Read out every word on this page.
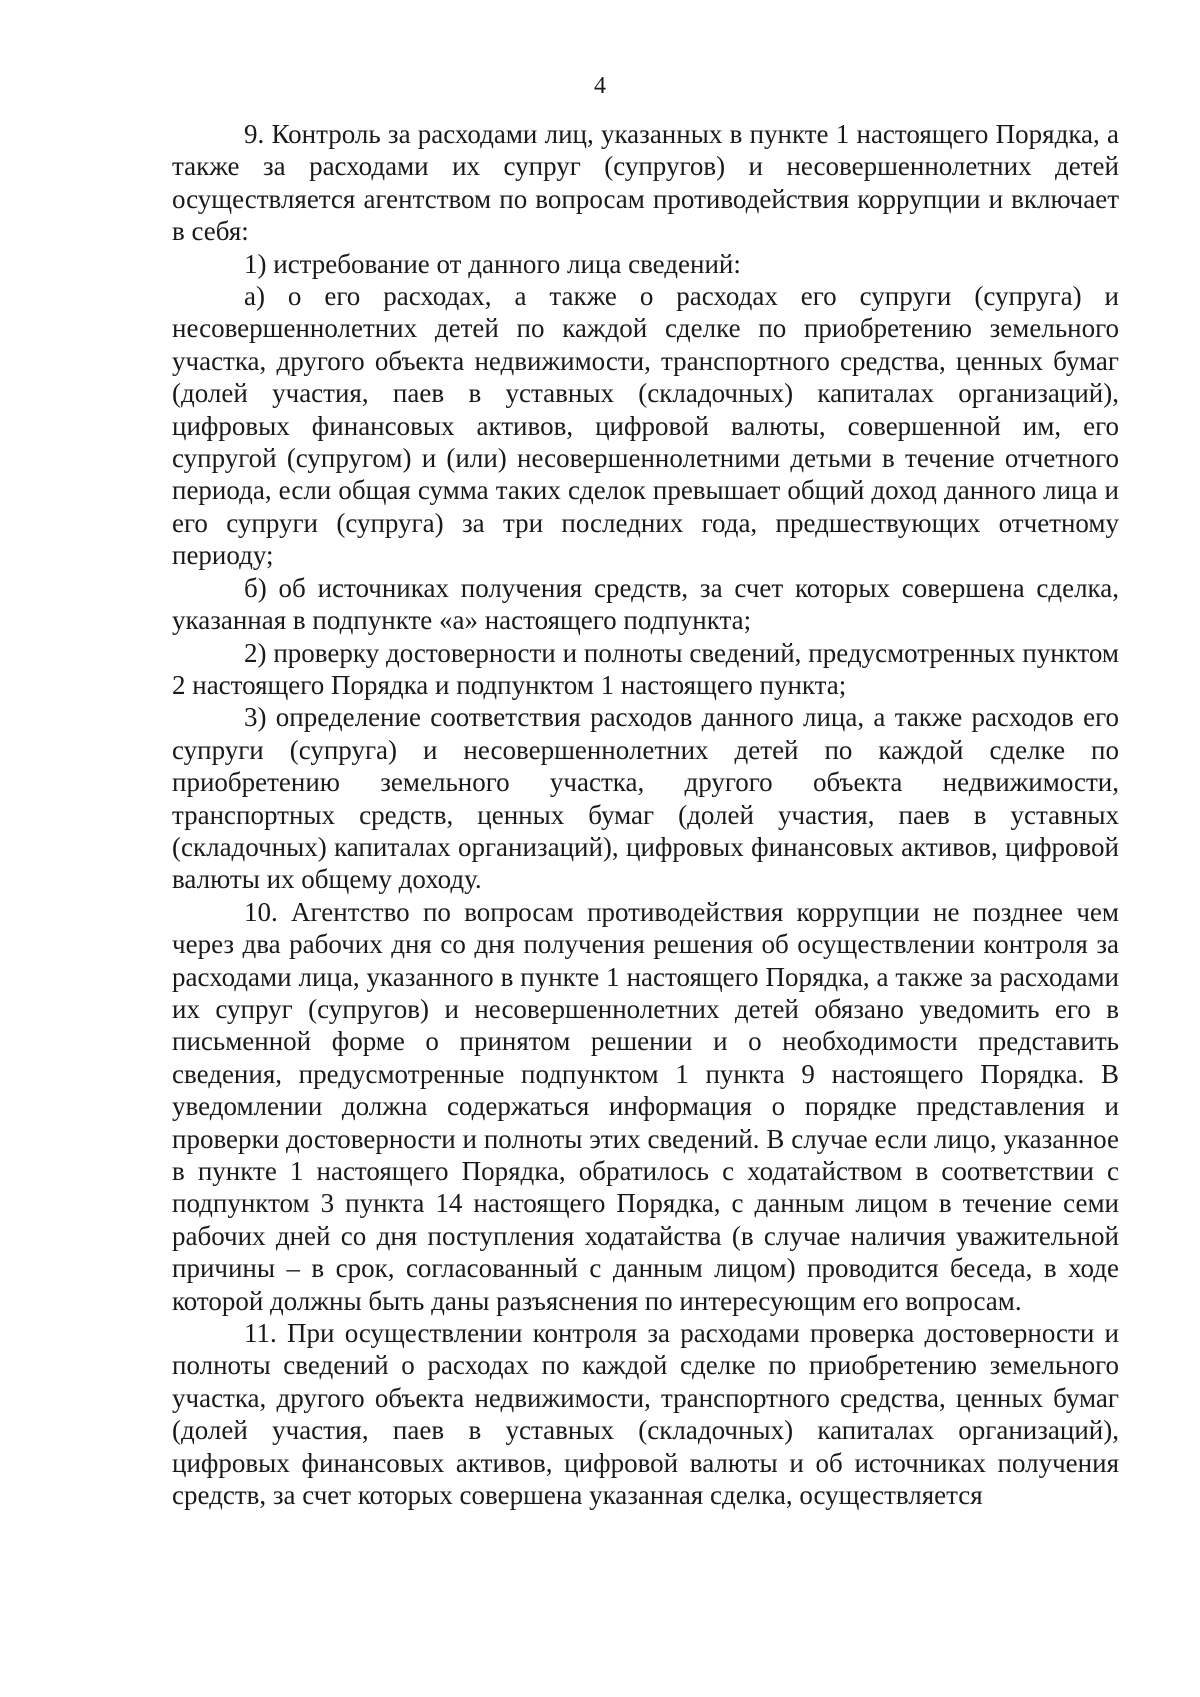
4

9. Контроль за расходами лиц, указанных в пункте 1 настоящего Порядка, а также за расходами их супруг (супругов) и несовершеннолетних детей осуществляется агентством по вопросам противодействия коррупции и включает в себя:

1) истребование от данного лица сведений:

а) о его расходах, а также о расходах его супруги (супруга) и несовершеннолетних детей по каждой сделке по приобретению земельного участка, другого объекта недвижимости, транспортного средства, ценных бумаг (долей участия, паев в уставных (складочных) капиталах организаций), цифровых финансовых активов, цифровой валюты, совершенной им, его супругой (супругом) и (или) несовершеннолетними детьми в течение отчетного периода, если общая сумма таких сделок превышает общий доход данного лица и его супруги (супруга) за три последних года, предшествующих отчетному периоду;

б) об источниках получения средств, за счет которых совершена сделка, указанная в подпункте «а» настоящего подпункта;

2) проверку достоверности и полноты сведений, предусмотренных пунктом 2 настоящего Порядка и подпунктом 1 настоящего пункта;

3) определение соответствия расходов данного лица, а также расходов его супруги (супруга) и несовершеннолетних детей по каждой сделке по приобретению земельного участка, другого объекта недвижимости, транспортных средств, ценных бумаг (долей участия, паев в уставных (складочных) капиталах организаций), цифровых финансовых активов, цифровой валюты их общему доходу.

10. Агентство по вопросам противодействия коррупции не позднее чем через два рабочих дня со дня получения решения об осуществлении контроля за расходами лица, указанного в пункте 1 настоящего Порядка, а также за расходами их супруг (супругов) и несовершеннолетних детей обязано уведомить его в письменной форме о принятом решении и о необходимости представить сведения, предусмотренные подпунктом 1 пункта 9 настоящего Порядка. В уведомлении должна содержаться информация о порядке представления и проверки достоверности и полноты этих сведений. В случае если лицо, указанное в пункте 1 настоящего Порядка, обратилось с ходатайством в соответствии с подпунктом 3 пункта 14 настоящего Порядка, с данным лицом в течение семи рабочих дней со дня поступления ходатайства (в случае наличия уважительной причины – в срок, согласованный с данным лицом) проводится беседа, в ходе которой должны быть даны разъяснения по интересующим его вопросам.

11. При осуществлении контроля за расходами проверка достоверности и полноты сведений о расходах по каждой сделке по приобретению земельного участка, другого объекта недвижимости, транспортного средства, ценных бумаг (долей участия, паев в уставных (складочных) капиталах организаций), цифровых финансовых активов, цифровой валюты и об источниках получения средств, за счет которых совершена указанная сделка, осуществляется
